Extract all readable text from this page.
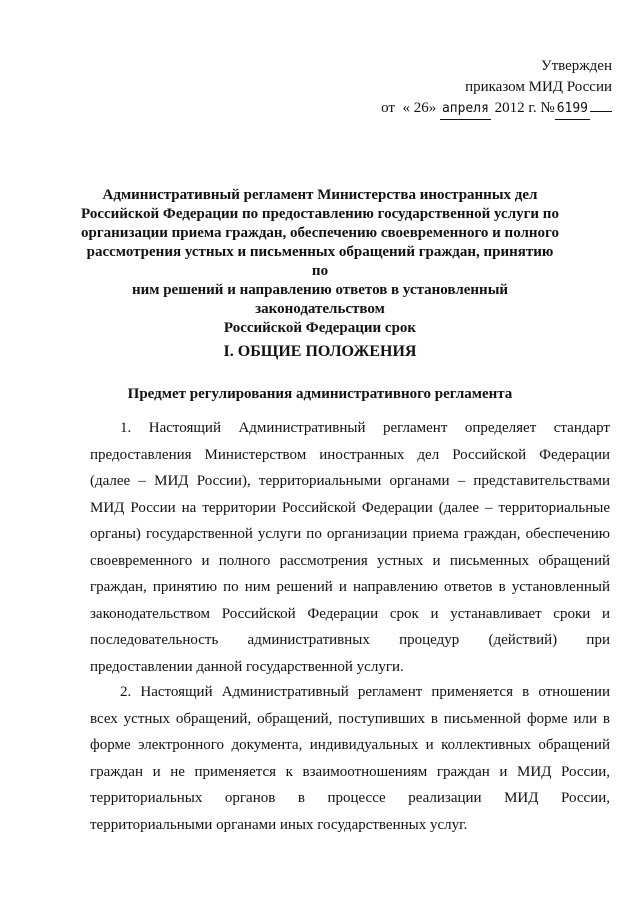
Утвержден
приказом МИД России
от « 26» апреля 2012 г. № 6199
Административный регламент Министерства иностранных дел
Российской Федерации по предоставлению государственной услуги по
организации приема граждан, обеспечению своевременного и полного
рассмотрения устных и письменных обращений граждан, принятию по
ним решений и направлению ответов в установленный законодательством
Российской Федерации срок
I. ОБЩИЕ ПОЛОЖЕНИЯ
Предмет регулирования административного регламента
1. Настоящий Административный регламент определяет стандарт
предоставления Министерством иностранных дел Российской Федерации
(далее – МИД России), территориальными органами – представительствами
МИД России на территории Российской Федерации (далее – территориальные
органы) государственной услуги по организации приема граждан, обеспечению
своевременного и полного рассмотрения устных и письменных обращений
граждан, принятию по ним решений и направлению ответов в установленный
законодательством Российской Федерации срок и устанавливает сроки и
последовательность административных процедур (действий) при
предоставлении данной государственной услуги.
2. Настоящий Административный регламент применяется в отношении
всех устных обращений, обращений, поступивших в письменной форме или в
форме электронного документа, индивидуальных и коллективных обращений
граждан и не применяется к взаимоотношениям граждан и МИД России,
территориальных органов в процессе реализации МИД России,
территориальными органами иных государственных услуг.
